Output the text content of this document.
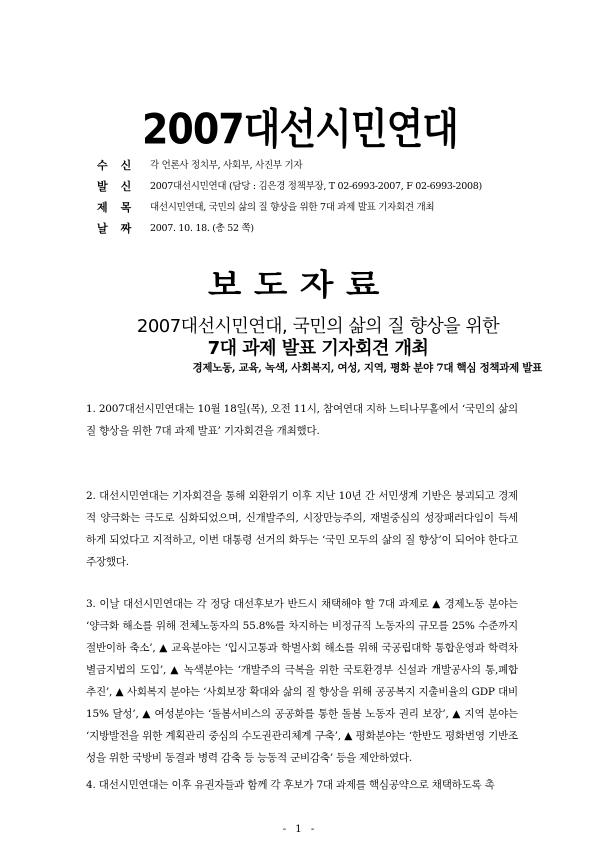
2007대선시민연대
수신 각 언론사 정치부, 사회부, 사진부 기자
발신 2007대선시민연대 (담당 : 김은경 정책부장, T 02-6993-2007, F 02-6993-2008)
제목 대선시민연대, 국민의 삶의 질 향상을 위한 7대 과제 발표 기자회견 개최
날짜 2007. 10. 18. (총 52 쪽)
보도자료
2007대선시민연대, 국민의 삶의 질 향상을 위한
7대 과제 발표 기자회견 개최
경제노동, 교육, 녹색, 사회복지, 여성, 지역, 평화 분야 7대 핵심 정책과제 발표
1. 2007대선시민연대는 10월 18일(목), 오전 11시, 참여연대 지하 느티나무홀에서 ‘국민의 삶의 질 향상을 위한 7대 과제 발표’ 기자회견을 개최했다.
2. 대선시민연대는 기자회견을 통해 외환위기 이후 지난 10년 간 서민생계 기반은 붕괴되고 경제적 양극화는 극도로 심화되었으며, 신개발주의, 시장만능주의, 재벌중심의 성장패러다임이 득세하게 되었다고 지적하고, 이번 대통령 선거의 화두는 ‘국민 모두의 삶의 질 향상’이 되어야 한다고 주장했다.
3. 이날 대선시민연대는 각 정당 대선후보가 반드시 채택해야 할 7대 과제로 ▲ 경제노동 분야는 ‘양극화 해소를 위해 전체노동자의 55.8%를 차지하는 비정규직 노동자의 규모를 25% 수준까지 절반이하 축소’, ▲ 교육분야는 ‘입시고통과 학벌사회 해소를 위해 국공립대학 통합운영과 학력차별금지법의 도입’, ▲ 녹색분야는 ‘개발주의 극복을 위한 국토환경부 신설과 개발공사의 통,폐합 추진’, ▲ 사회복지 분야는 ‘사회보장 확대와 삶의 질 향상을 위해 공공복지 지출비율의 GDP 대비 15% 달성’, ▲ 여성분야는 ‘돌봄서비스의 공공화를 통한 돌봄 노동자 권리 보장’, ▲ 지역 분야는 ‘지방발전을 위한 계획관리 중심의 수도권관리체계 구축’, ▲ 평화분야는 ‘한반도 평화번영 기반조성을 위한 국방비 동결과 병력 감축 등 능동적 군비감축’ 등을 제안하였다.
4. 대선시민연대는 이후 유권자들과 함께 각 후보가 7대 과제를 핵심공약으로 채택하도록 촉
- 1 -
